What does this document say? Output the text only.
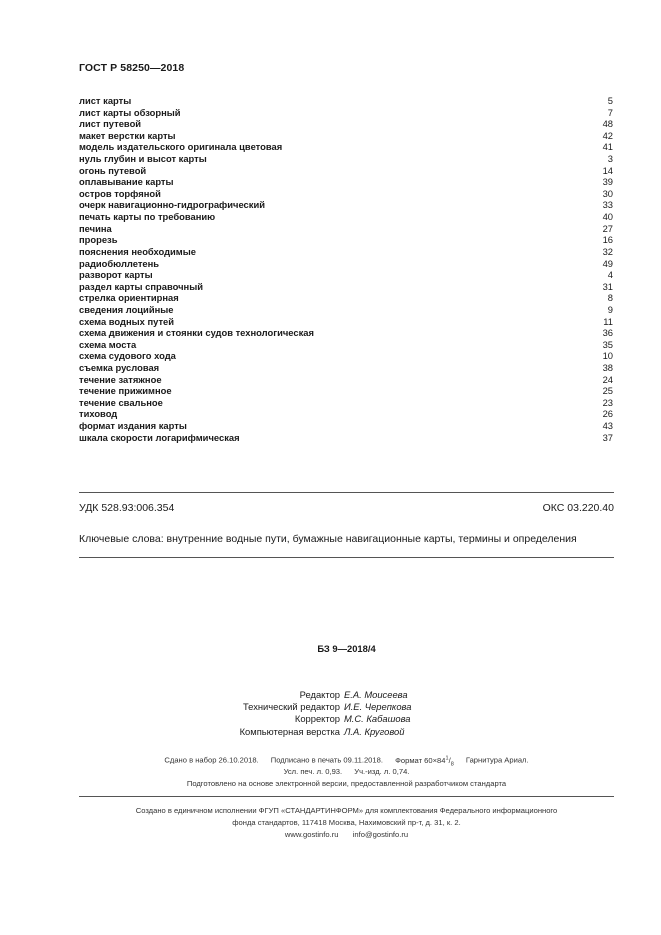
ГОСТ Р 58250—2018
лист карты	5
лист карты обзорный	7
лист путевой	48
макет верстки карты	42
модель издательского оригинала цветовая	41
нуль глубин и высот карты	3
огонь путевой	14
оплавывание карты	39
остров торфяной	30
очерк навигационно-гидрографический	33
печать карты по требованию	40
печина	27
прорезь	16
пояснения необходимые	32
радиобюллетень	49
разворот карты	4
раздел карты справочный	31
стрелка ориентирная	8
сведения лоцийные	9
схема водных путей	11
схема движения и стоянки судов технологическая	36
схема моста	35
схема судового хода	10
съемка русловая	38
течение затяжное	24
течение прижимное	25
течение свальное	23
тиховод	26
формат издания карты	43
шкала скорости логарифмическая	37
УДК 528.93:006.354	ОКС 03.220.40
Ключевые слова: внутренние водные пути, бумажные навигационные карты, термины и определения
БЗ 9—2018/4
Редактор Е.А. Моисеева
Технический редактор И.Е. Черепкова
Корректор М.С. Кабашова
Компьютерная верстка Л.А. Круговой
Сдано в набор 26.10.2018. Подписано в печать 09.11.2018. Формат $60\times 84^1/_8$ Гарнитура Ариал.
Усл. печ. л. 0,93. Уч.-изд. л. 0,74.
Подготовлено на основе электронной версии, предоставленной разработчиком стандарта
Создано в единичном исполнении ФГУП «СТАНДАРТИНФОРМ» для комплектования Федерального информационного
фонда стандартов, 117418 Москва, Нахимовский пр-т, д. 31, к. 2.
www.gostinfo.ru info@gostinfo.ru
